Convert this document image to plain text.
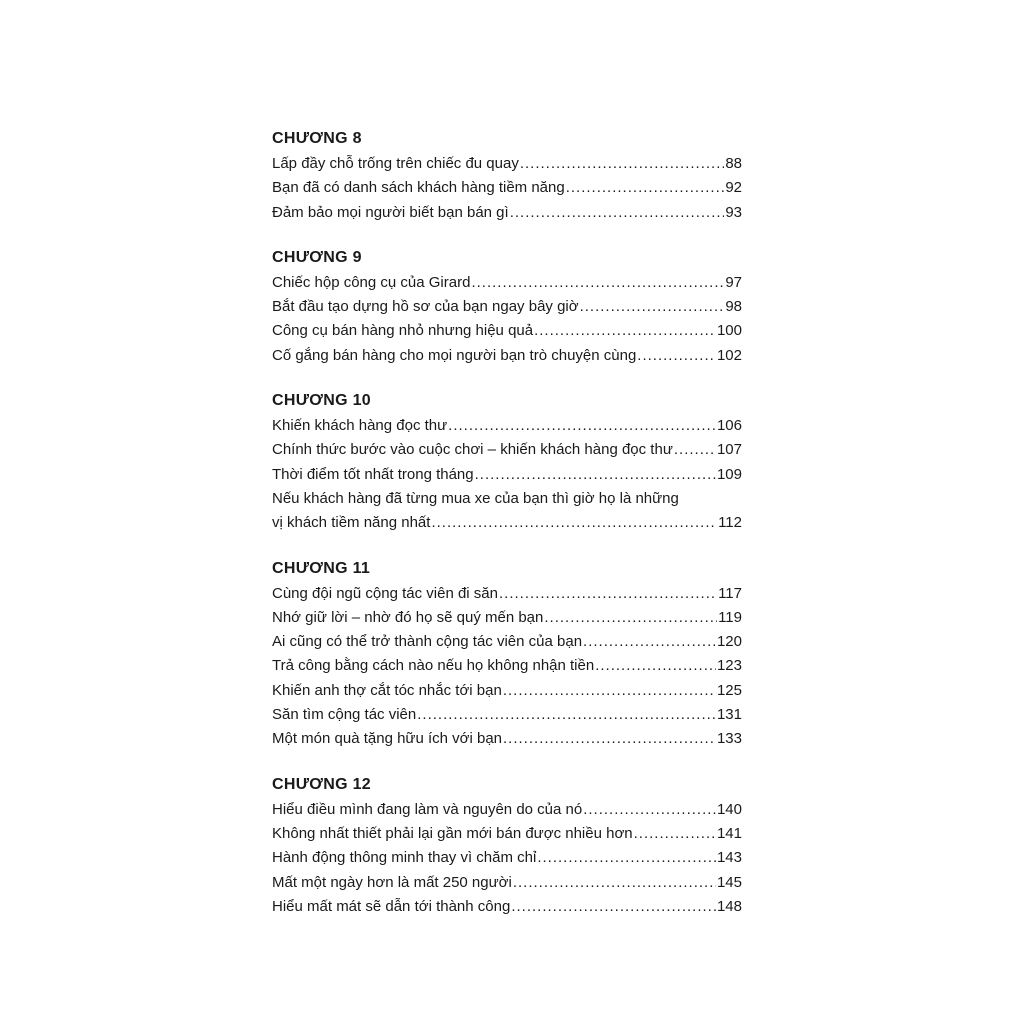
CHƯƠNG 8
Lấp đầy chỗ trống trên chiếc đu quay .....	88
Bạn đã có danh sách khách hàng tiềm năng .....	92
Đảm bảo mọi người biết bạn bán gì .....	93
CHƯƠNG 9
Chiếc hộp công cụ của Girard .....	97
Bắt đầu tạo dựng hồ sơ của bạn ngay bây giờ .....	98
Công cụ bán hàng nhỏ nhưng hiệu quả .....	100
Cố gắng bán hàng cho mọi người bạn trò chuyện cùng .....	102
CHƯƠNG 10
Khiến khách hàng đọc thư .....	106
Chính thức bước vào cuộc chơi – khiến khách hàng đọc thư .....	107
Thời điểm tốt nhất trong tháng .....	109
Nếu khách hàng đã từng mua xe của bạn thì giờ họ là những
vị khách tiềm năng nhất .....	112
CHƯƠNG 11
Cùng đội ngũ cộng tác viên đi săn .....	117
Nhớ giữ lời – nhờ đó họ sẽ quý mến bạn .....	119
Ai cũng có thể trở thành cộng tác viên của bạn .....	120
Trả công bằng cách nào nếu họ không nhận tiền .....	123
Khiến anh thợ cắt tóc nhắc tới bạn .....	125
Săn tìm cộng tác viên .....	131
Một món quà tặng hữu ích với bạn .....	133
CHƯƠNG 12
Hiểu điều mình đang làm và nguyên do của nó .....	140
Không nhất thiết phải lại gần mới bán được nhiều hơn .....	141
Hành động thông minh thay vì chăm chỉ .....	143
Mất một ngày hơn là mất 250 người .....	145
Hiểu mất mát sẽ dẫn tới thành công .....	148
